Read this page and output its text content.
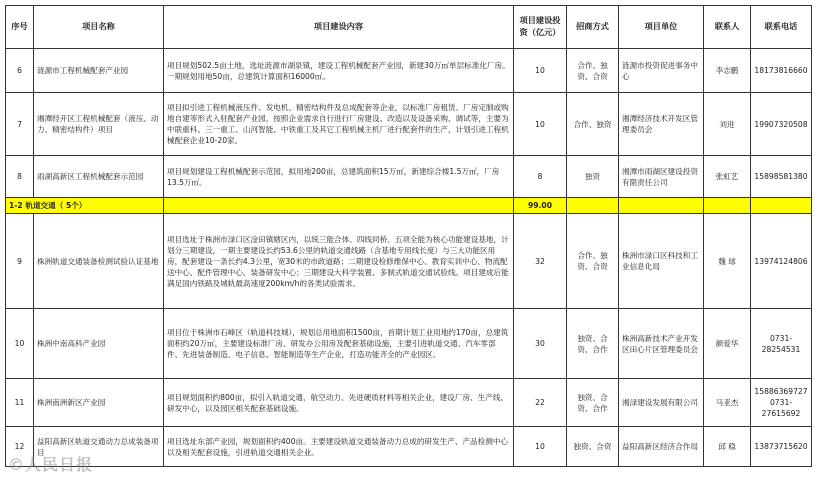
序号	项目名称	项目建设内容	项目建设投资（亿元）	招商方式	项目单位	联系人	联系电话
6	涟源市工程机械配套产业园	项目规划502.5亩土地，选址涟源市湖泉镇，建设工程机械配套产业园，新建30万㎡单层标准化厂房。一期规划用地50亩，总建筑计算面积16000㎡。	10	合作、独资、合资	涟源市投资促进事务中心	李志鹏	18173816660
7	湘潭经开区工程机械配套（液压、动力、精密结构件）项目	项目拟引进工程机械液压件、发电机、精密结构件及总成配套等企业，以标准厂房租赁、厂房定制或购地自建等形式入驻配套产业园，按照企业需求自行进行厂房建设、改造以及设备采购、调试等，主要为中联重科、三一重工、山河智能、中铁重工及其它工程机械主机厂进行配套件的生产，计划引进工程机械配套企业10-20家。	10	合作、独资	湘潭经济技术开发区管理委员会	刘进	19907320508
8	雨湖高新区工程机械配套示范园	项目规划建设工程机械配套示范园，拟用地200亩，总建筑面积15万㎡，新建综合楼1.5万㎡，厂房13.5万㎡。	8	独资	湘潭市雨湖区建设投资有限责任公司	张虹艺	15898581380
1-2 轨道交通（ 5个）			99.00				
9	株洲轨道交通装备检测试验认证基地	项目选址于株洲市渌口区淦田镇辖区内，以统三能合体、四线同桥、五项全能为核心功能建设基地，计划分三期建设，一期主要建设长约53.6公里的轨道交通线路（含基地专用线长度）与三大功能区用房，配套建设一条长约4.3公里，宽30米的市政道路；二期建设检修维保中心、教育实训中心、物流配送中心、配件管理中心、装备研发中心；三期建设大科学装置、多制式轨道交通试验线。项目建成后能满足国内铁路及城轨最高速度200km/h的各类试验需求。	32	合作、独资、合资	株洲市渌口区科技和工业信息化局	魏 球	13974124806
10	株洲中南高科产业园	项目位于株洲市石峰区（轨道科技城），规划总用地面积1500亩，首期计划工业用地约170亩，总建筑面积约20万㎡，主要建设标准厂房、研发办公用房及配套基础设施，主要引进轨道交通、汽车零部件、先进装备制造、电子信息、智能制造等生产企业，打造功能齐全的产业园区。	30	独资、合资、合作	株洲高新技术产业开发区田心片区管理委员会	颜爱华	0731-28254531
11	株洲南洲新区产业园	项目规划面积约800亩，拟引入轨道交通、航空动力、先进硬质材料等相关企业，建设厂房、生产线、研发中心，以及园区相关配套基础设施。	22	独资、合资、合作	湘渌建设发展有限公司	马亚杰	15886369727 0731-27615692
12	益阳高新区轨道交通动力总成装备项目	项目选址东部产业园，规划面积约400亩。主要建设轨道交通装备动力总成的研发生产、产品检测中心以及相关配套设施，引进轨道交通相关企业。	10	独资、合资	益阳高新区经济合作局	邱 稳	13873715620
©人民日报
